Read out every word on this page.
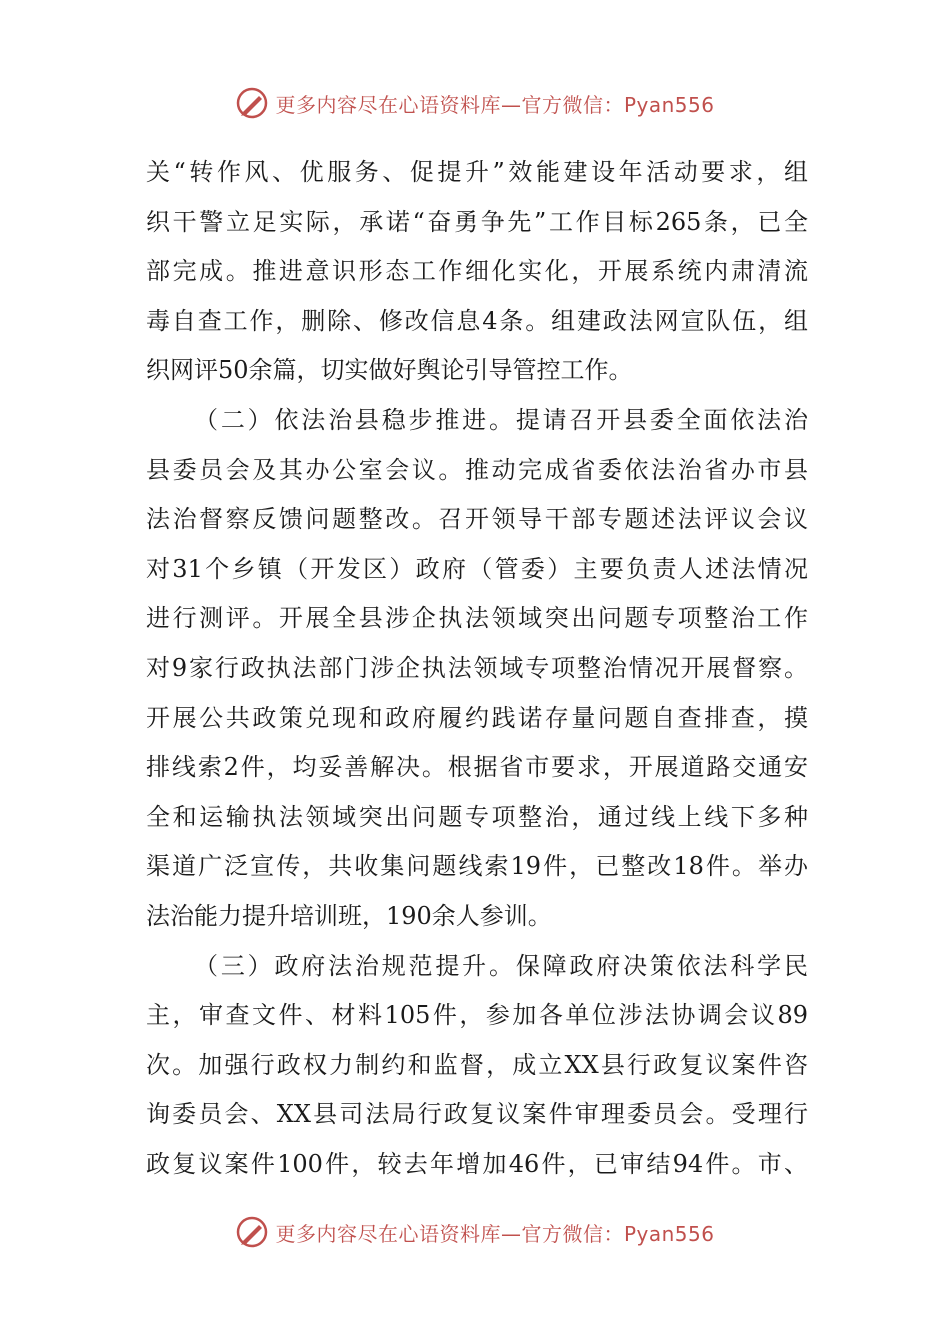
更多内容尽在心语资料库—官方微信：Pyan556
关“转作风、优服务、促提升”效能建设年活动要求，组
织干警立足实际，承诺“奋勇争先”工作目标265条，已全
部完成。推进意识形态工作细化实化，开展系统内肃清流
毒自查工作，删除、修改信息4条。组建政法网宣队伍，组
织网评50余篇，切实做好舆论引导管控工作。
（二）依法治县稳步推进。提请召开县委全面依法治
县委员会及其办公室会议。推动完成省委依法治省办市县
法治督察反馈问题整改。召开领导干部专题述法评议会议
对31个乡镇（开发区）政府（管委）主要负责人述法情况
进行测评。开展全县涉企执法领域突出问题专项整治工作
对9家行政执法部门涉企执法领域专项整治情况开展督察。
开展公共政策兑现和政府履约践诺存量问题自查排查，摸
排线索2件，均妥善解决。根据省市要求，开展道路交通安
全和运输执法领域突出问题专项整治，通过线上线下多种
渠道广泛宣传，共收集问题线索19件，已整改18件。举办
法治能力提升培训班，190余人参训。
（三）政府法治规范提升。保障政府决策依法科学民
主，审查文件、材料105件，参加各单位涉法协调会议89
次。加强行政权力制约和监督，成立XX县行政复议案件咨
询委员会、XX县司法局行政复议案件审理委员会。受理行
政复议案件100件，较去年增加46件，已审结94件。市、
更多内容尽在心语资料库—官方微信：Pyan556
